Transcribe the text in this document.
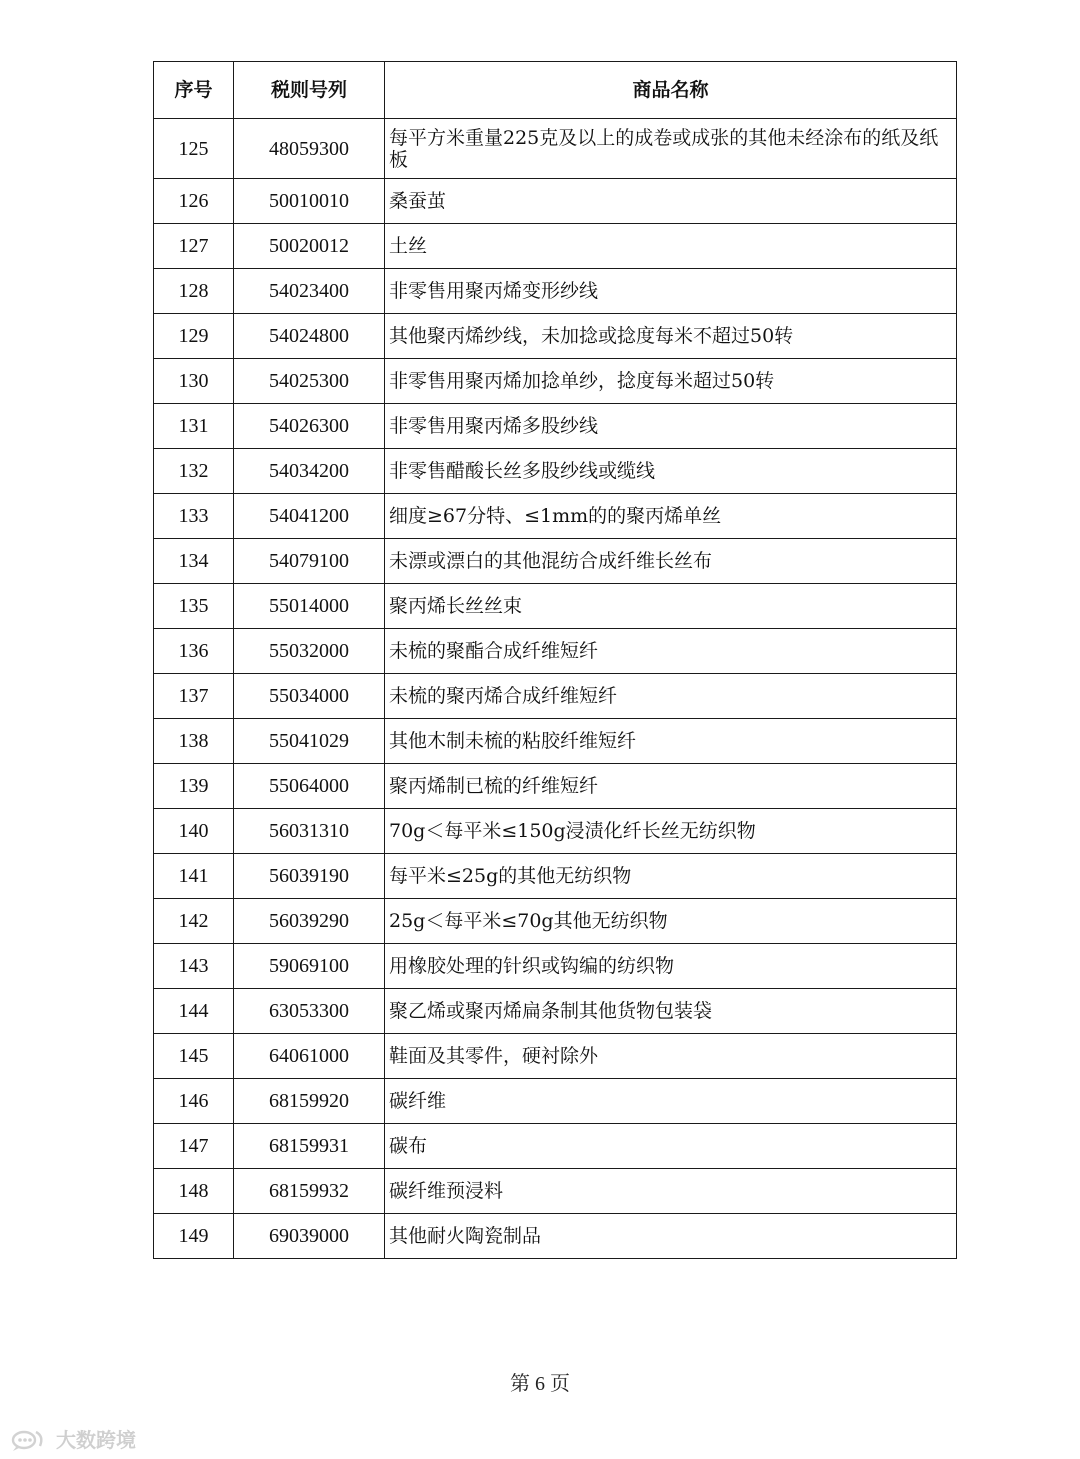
序号	税则号列	商品名称
125	48059300	每平方米重量225克及以上的成卷或成张的其他未经涂布的纸及纸板
126	50010010	桑蚕茧
127	50020012	土丝
128	54023400	非零售用聚丙烯变形纱线
129	54024800	其他聚丙烯纱线，未加捻或捻度每米不超过50转
130	54025300	非零售用聚丙烯加捻单纱，捻度每米超过50转
131	54026300	非零售用聚丙烯多股纱线
132	54034200	非零售醋酸长丝多股纱线或缆线
133	54041200	细度≥67分特、≤1mm的的聚丙烯单丝
134	54079100	未漂或漂白的其他混纺合成纤维长丝布
135	55014000	聚丙烯长丝丝束
136	55032000	未梳的聚酯合成纤维短纤
137	55034000	未梳的聚丙烯合成纤维短纤
138	55041029	其他木制未梳的粘胶纤维短纤
139	55064000	聚丙烯制已梳的纤维短纤
140	56031310	70g＜每平米≤150g浸渍化纤长丝无纺织物
141	56039190	每平米≤25g的其他无纺织物
142	56039290	25g＜每平米≤70g其他无纺织物
143	59069100	用橡胶处理的针织或钩编的纺织物
144	63053300	聚乙烯或聚丙烯扁条制其他货物包装袋
145	64061000	鞋面及其零件，硬衬除外
146	68159920	碳纤维
147	68159931	碳布
148	68159932	碳纤维预浸料
149	69039000	其他耐火陶瓷制品
第 6 页
大数跨境
